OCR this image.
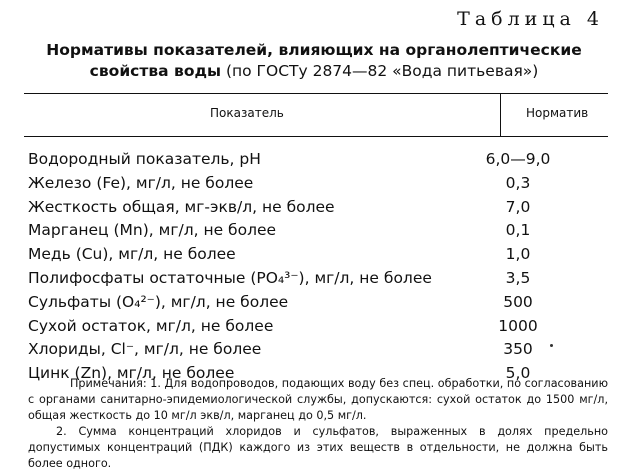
Таблица 4
Нормативы показателей, влияющих на органолептические
свойства воды (по ГОСТу 2874—82 «Вода питьевая»)
Показатель	Норматив
Водородный показатель, pH	6,0—9,0
Железо (Fe), мг/л, не более	0,3
Жесткость общая, мг-экв/л, не более	7,0
Марганец (Mn), мг/л, не более	0,1
Медь (Cu), мг/л, не более	1,0
Полифосфаты остаточные (PO₄³⁻), мг/л, не более	3,5
Сульфаты (O₄²⁻), мг/л, не более	500
Сухой остаток, мг/л, не более	1000
Хлориды, Cl⁻, мг/л, не более	350
Цинк (Zn), мг/л, не более	5,0

Примечания: 1. Для водопроводов, подающих воду без спец. обработки, по согласованию с органами санитарно-эпидемиологической службы, допускаются: сухой остаток до 1500 мг/л, общая жесткость до 10 мг/л экв/л, марганец до 0,5 мг/л.

2. Сумма концентраций хлоридов и сульфатов, выраженных в долях предельно допустимых концентраций (ПДК) каждого из этих веществ в отдельности, не должна быть более одного.
